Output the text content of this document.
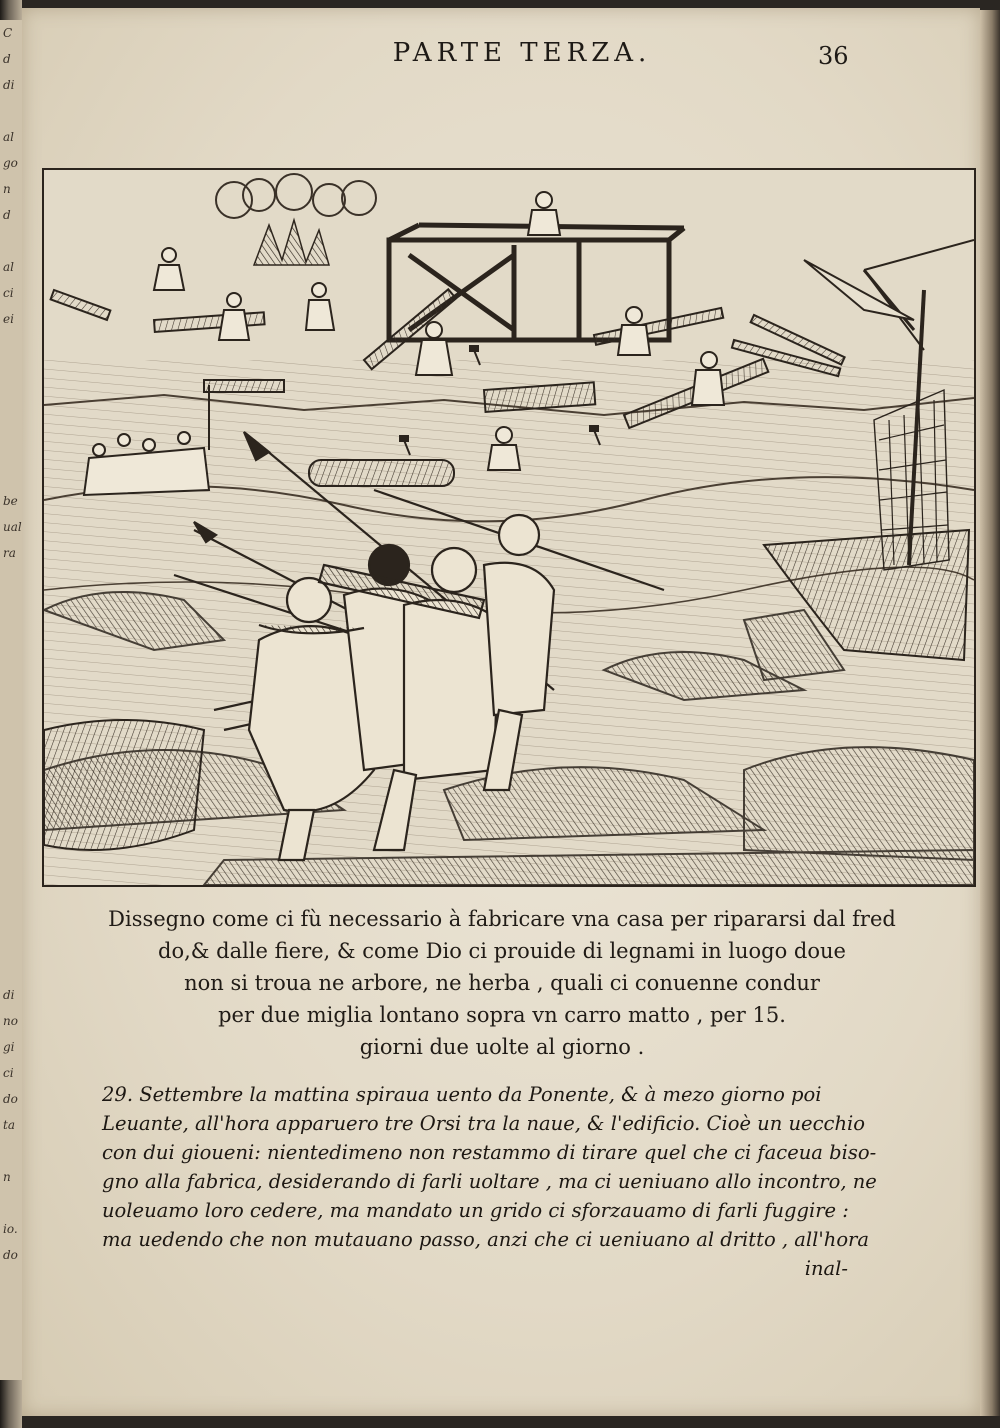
C
d
di
al
go
n
d
al
ci
ei
be
ual
ra
di
no
gi
ci
do
ta
n
io.
do
PARTE TERZA.	36
Dissegno come ci fù necessario à fabricare vna casa per ripararsi dal fred
do,& dalle fiere, & come Dio ci prouide di legnami in luogo doue
non si troua ne arbore, ne herba , quali ci conuenne condur
per due miglia lontano sopra vn carro matto , per 15.
giorni due uolte al giorno .
29. Settembre la mattina spiraua uento da Ponente, & à mezo giorno poi
Leuante, all'hora apparuero tre Orsi tra la naue, & l'edificio. Cioè un uecchio
con dui gioueni: nientedimeno non restammo di tirare quel che ci faceua biso-
gno alla fabrica, desiderando di farli uoltare , ma ci ueniuano allo incontro, ne
uoleuamo loro cedere, ma mandato un grido ci sforzauamo di farli fuggire :
ma uedendo che non mutauano passo, anzi che ci ueniuano al dritto , all'hora
inal-
